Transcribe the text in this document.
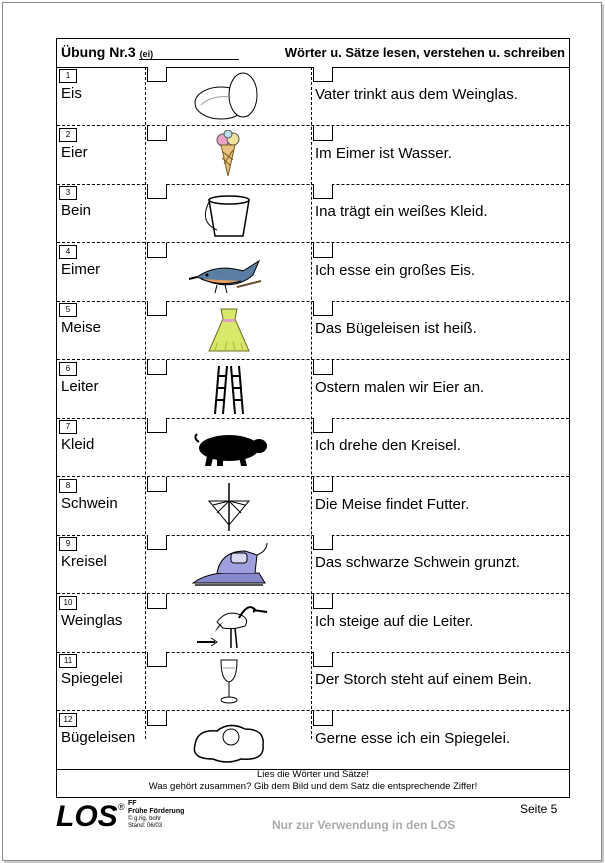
Übung Nr.3 (ei)	Wörter u. Sätze lesen, verstehen u. schreiben
1
Eis	Vater trinkt aus dem Weinglas.
2
Eier	Im Eimer ist Wasser.
3
Bein	Ina trägt ein weißes Kleid.
4
Eimer	Ich esse ein großes Eis.
5
Meise	Das Bügeleisen ist heiß.
6
Leiter	Ostern malen wir Eier an.
7
Kleid	Ich drehe den Kreisel.
8
Schwein	Die Meise findet Futter.
9
Kreisel	Das schwarze Schwein grunzt.
10
Weinglas	Ich steige auf die Leiter.
11
Spiegelei	Der Storch steht auf einem Bein.
12
Bügeleisen	Gerne esse ich ein Spiegelei.
Lies die Wörter und Sätze!
Was gehört zusammen? Gib dem Bild und dem Satz die entsprechende Ziffer!
LOS ® FF
Frühe Förderung
© g.rig. bohr
Stand: 06/03
Seite 5
Nur zur Verwendung in den LOS
